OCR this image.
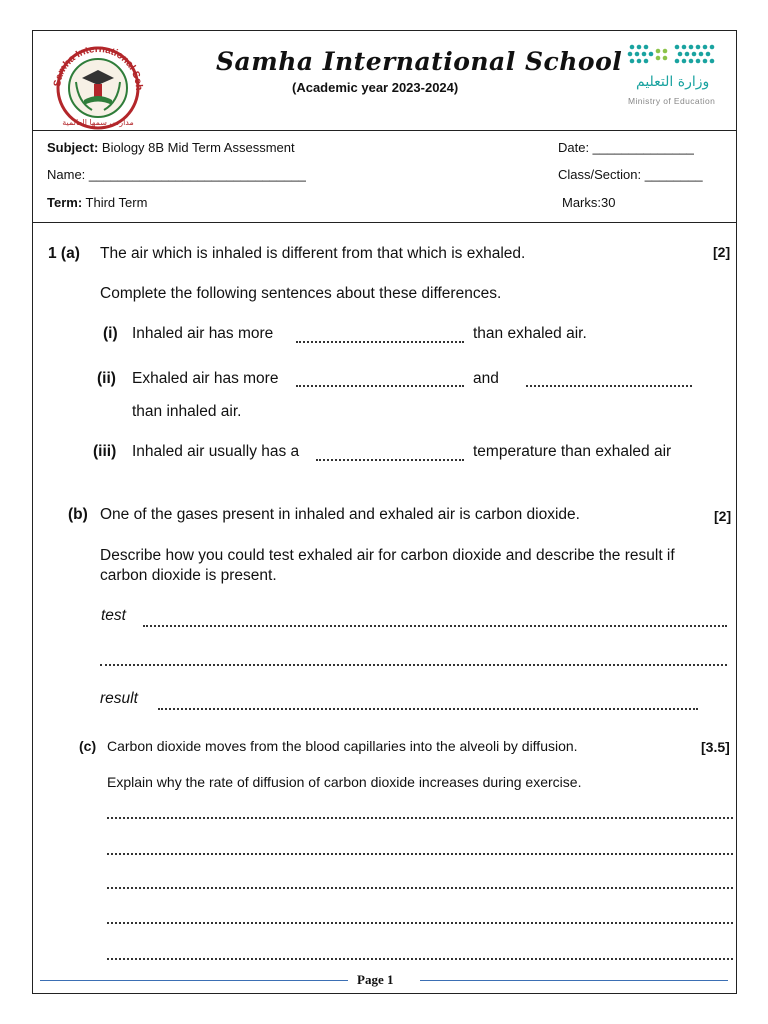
Samha International Sch
مدارس سمها العالمية
Samha International School
(Academic year 2023-2024)	وزارة التعليم
Ministry of Education
Subject: Biology 8B Mid Term Assessment	Date: ______________
Name: ______________________________	Class/Section: ________
Term: Third Term	Marks:30
1 (a) The air which is inhaled is different from that which is exhaled.	[2]
Complete the following sentences about these differences.
(i) Inhaled air has more	than exhaled air.
(ii) Exhaled air has more	and
than inhaled air.
(iii) Inhaled air usually has a	temperature than exhaled air
(b) One of the gases present in inhaled and exhaled air is carbon dioxide.	[2]
Describe how you could test exhaled air for carbon dioxide and describe the result if
carbon dioxide is present.
test
result
(c) Carbon dioxide moves from the blood capillaries into the alveoli by diffusion.	[3.5]
Explain why the rate of diffusion of carbon dioxide increases during exercise.
Page 1
